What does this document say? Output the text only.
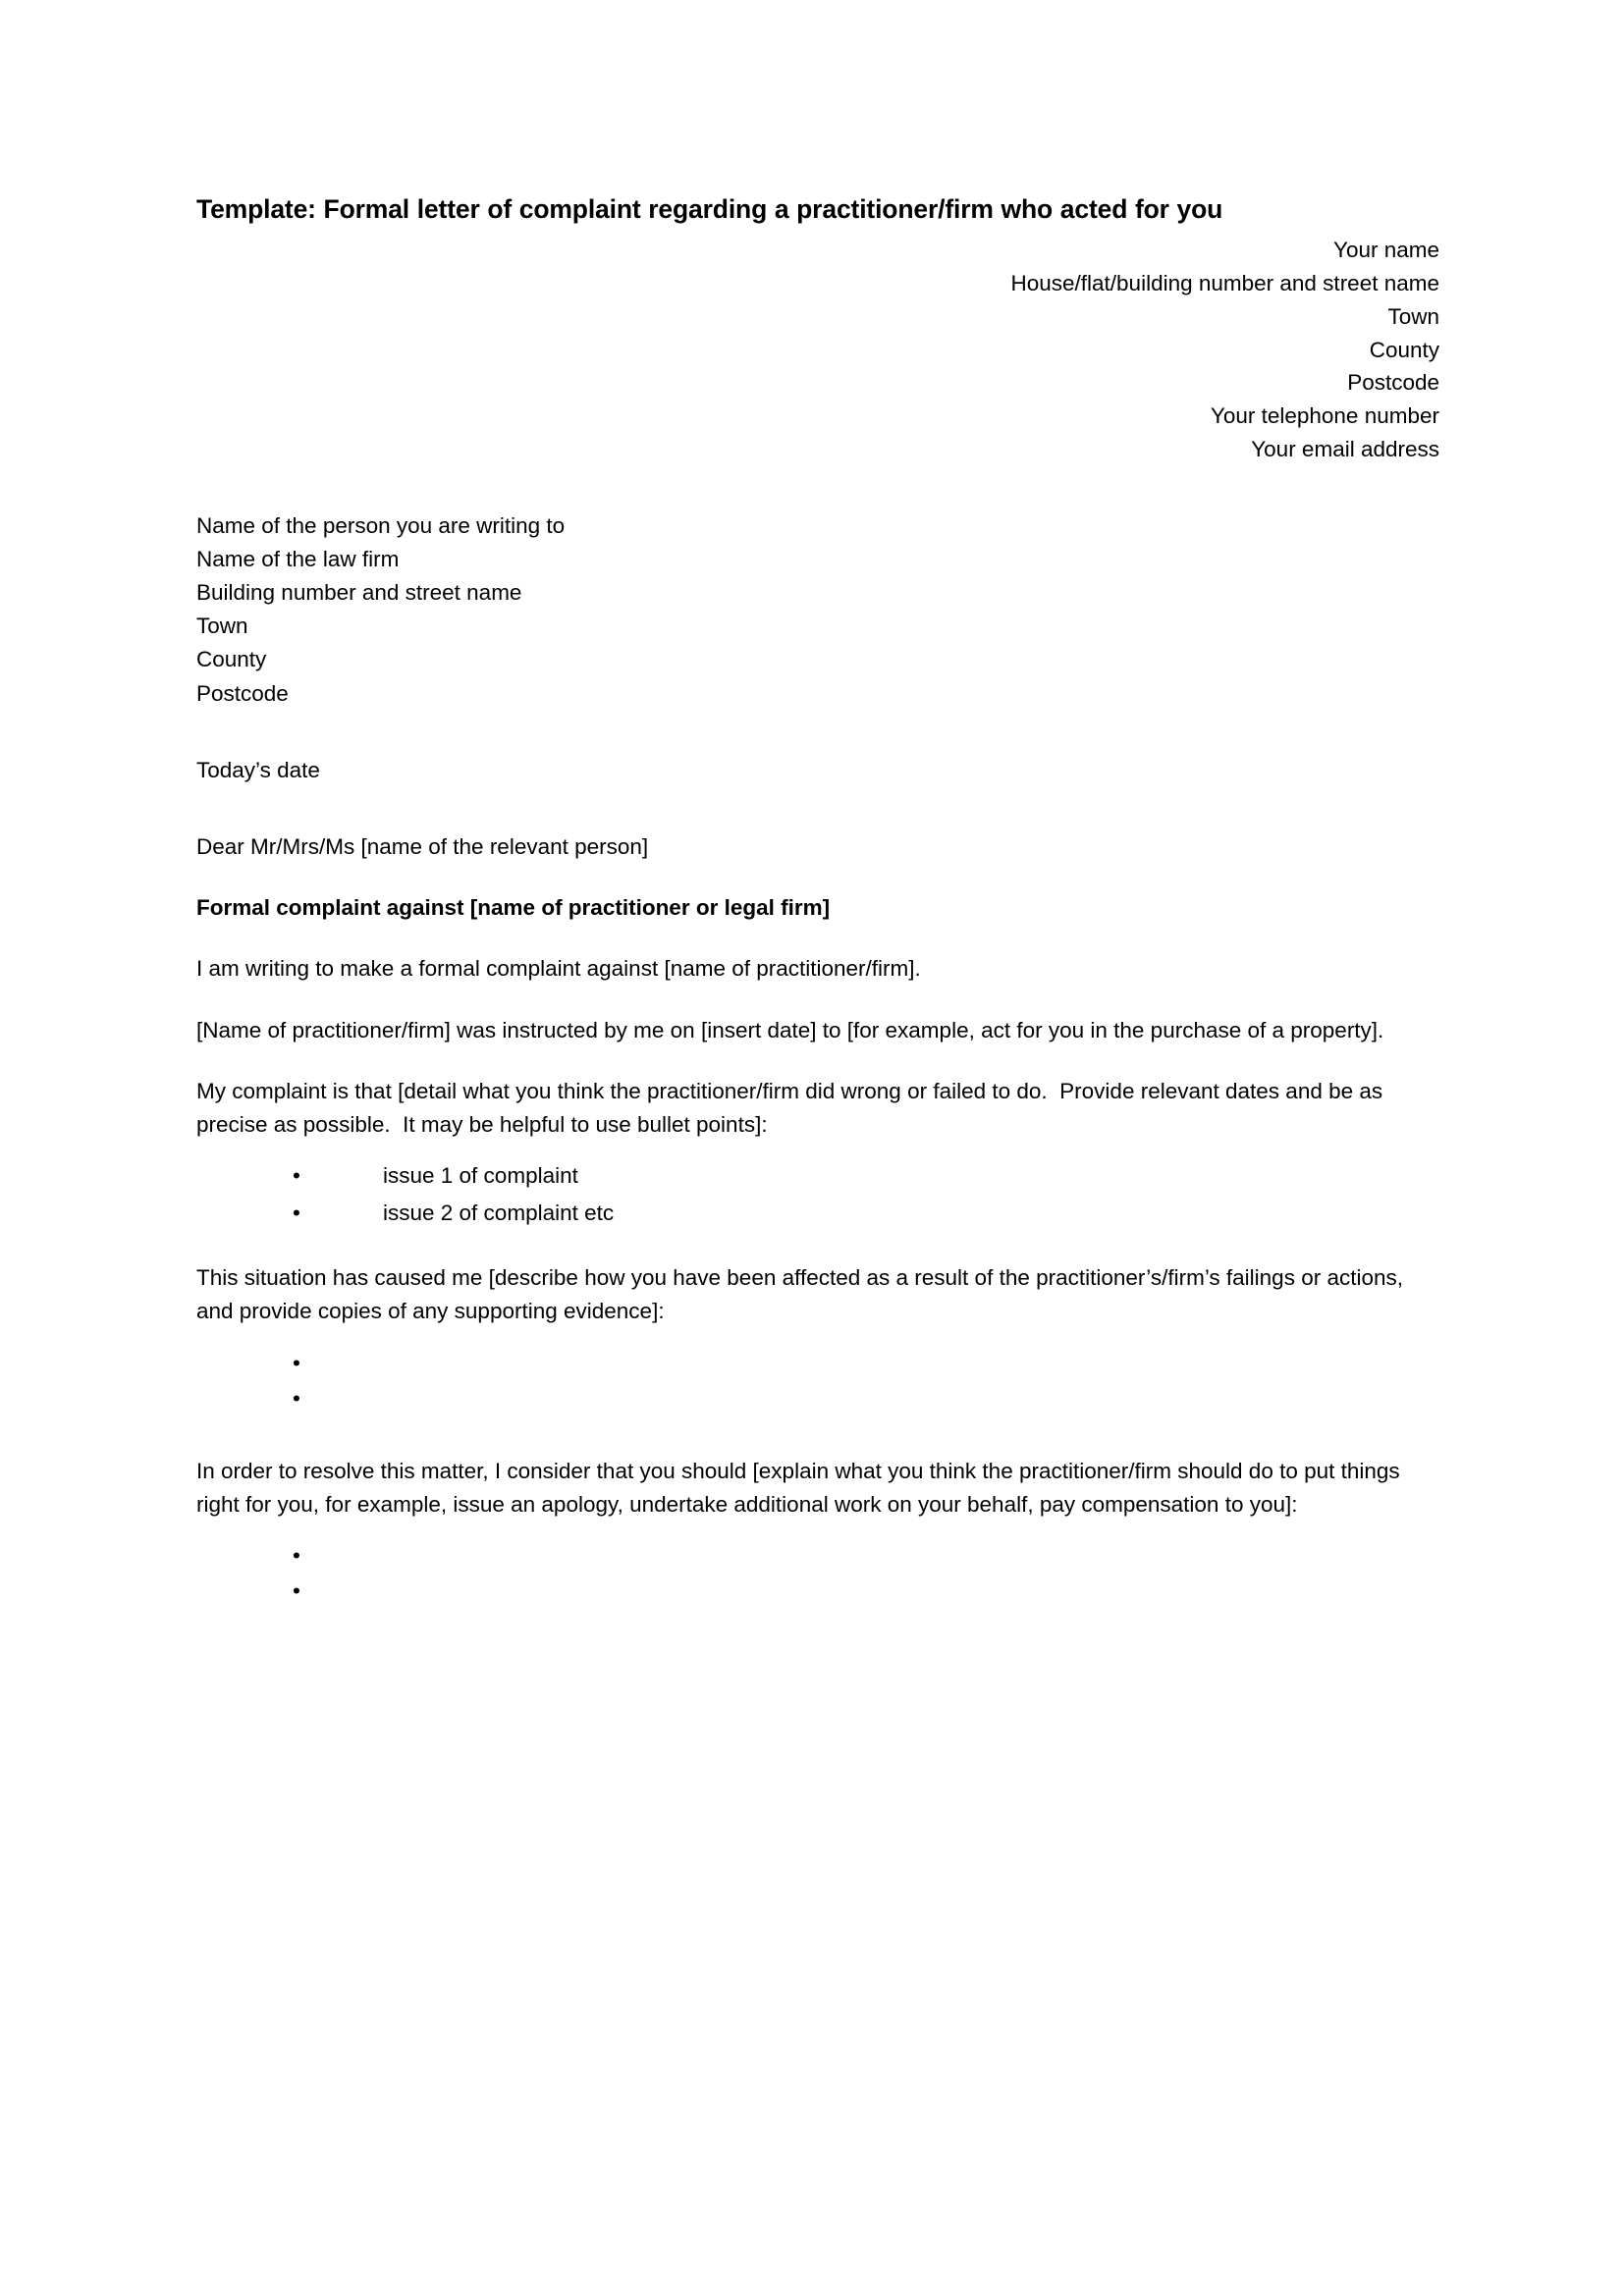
Template: Formal letter of complaint regarding a practitioner/firm who acted for you
Your name
House/flat/building number and street name
Town
County
Postcode
Your telephone number
Your email address
Name of the person you are writing to
Name of the law firm
Building number and street name
Town
County
Postcode

Today’s date

Dear Mr/Mrs/Ms [name of the relevant person]

Formal complaint against [name of practitioner or legal firm]

I am writing to make a formal complaint against [name of practitioner/firm].

[Name of practitioner/firm] was instructed by me on [insert date] to [for example, act for you in the purchase of a property].

My complaint is that [detail what you think the practitioner/firm did wrong or failed to do.  Provide relevant dates and be as precise as possible.  It may be helpful to use bullet points]:

• issue 1 of complaint
• issue 2 of complaint etc

This situation has caused me [describe how you have been affected as a result of the practitioner’s/firm’s failings or actions, and provide copies of any supporting evidence]:

•
•

In order to resolve this matter, I consider that you should [explain what you think the practitioner/firm should do to put things right for you, for example, issue an apology, undertake additional work on your behalf, pay compensation to you]:

•
•
